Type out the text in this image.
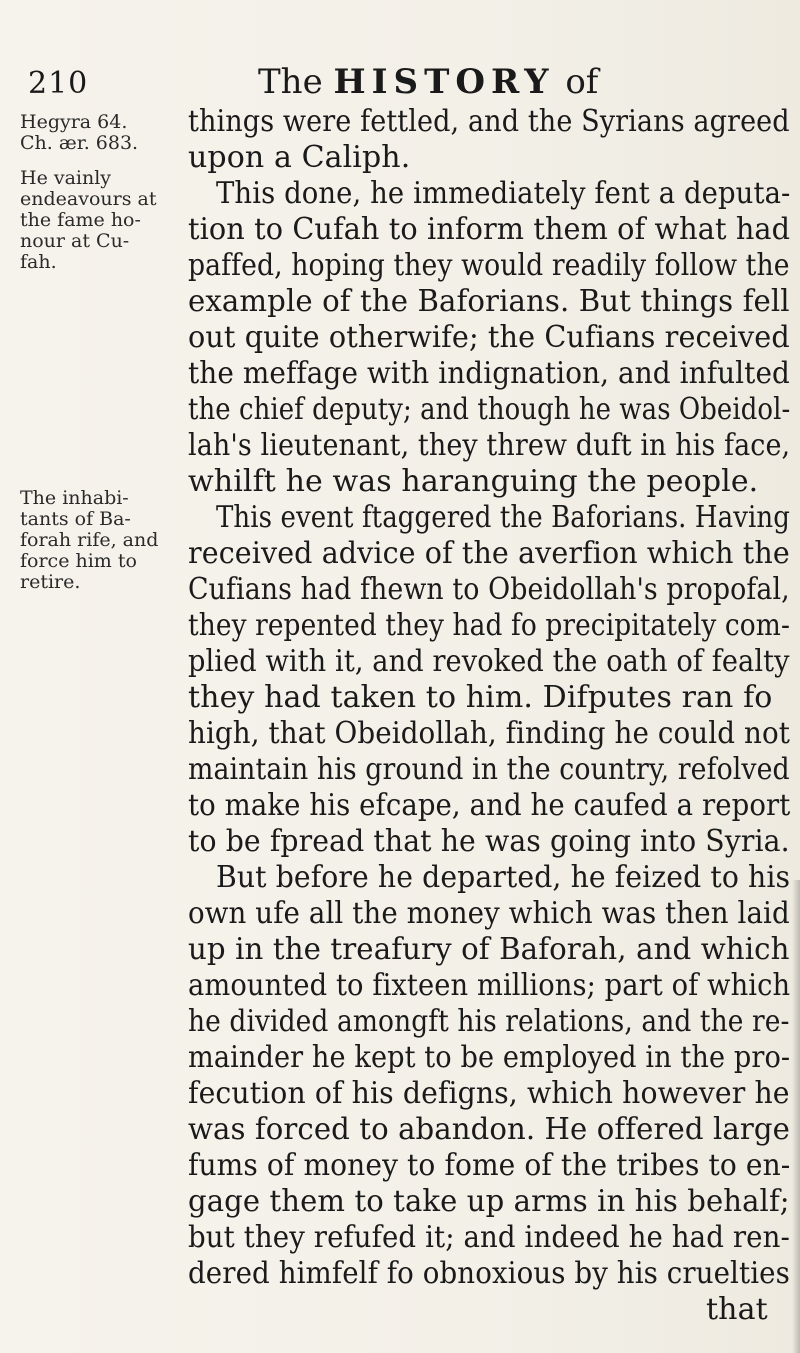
210	The HISTORY of
Hegyra 64.
Ch. ær. 683.
He vainly
endeavours at
the fame ho-
nour at Cu-
fah.
The inhabi-
tants of Ba-
forah rife, and
force him to
retire.
things were fettled, and the Syrians agreed
upon a Caliph.
This done, he immediately fent a deputa-
tion to Cufah to inform them of what had
paffed, hoping they would readily follow the
example of the Baforians. But things fell
out quite otherwife; the Cufians received
the meffage with indignation, and infulted
the chief deputy; and though he was Obeidol-
lah's lieutenant, they threw duft in his face,
whilft he was haranguing the people.
This event ftaggered the Baforians. Having
received advice of the averfion which the
Cufians had fhewn to Obeidollah's propofal,
they repented they had fo precipitately com-
plied with it, and revoked the oath of fealty
they had taken to him. Difputes ran fo
high, that Obeidollah, finding he could not
maintain his ground in the country, refolved
to make his efcape, and he caufed a report
to be fpread that he was going into Syria.
But before he departed, he feized to his
own ufe all the money which was then laid
up in the treafury of Baforah, and which
amounted to fixteen millions; part of which
he divided amongft his relations, and the re-
mainder he kept to be employed in the pro-
fecution of his defigns, which however he
was forced to abandon. He offered large
fums of money to fome of the tribes to en-
gage them to take up arms in his behalf;
but they refufed it; and indeed he had ren-
dered himfelf fo obnoxious by his cruelties
that
